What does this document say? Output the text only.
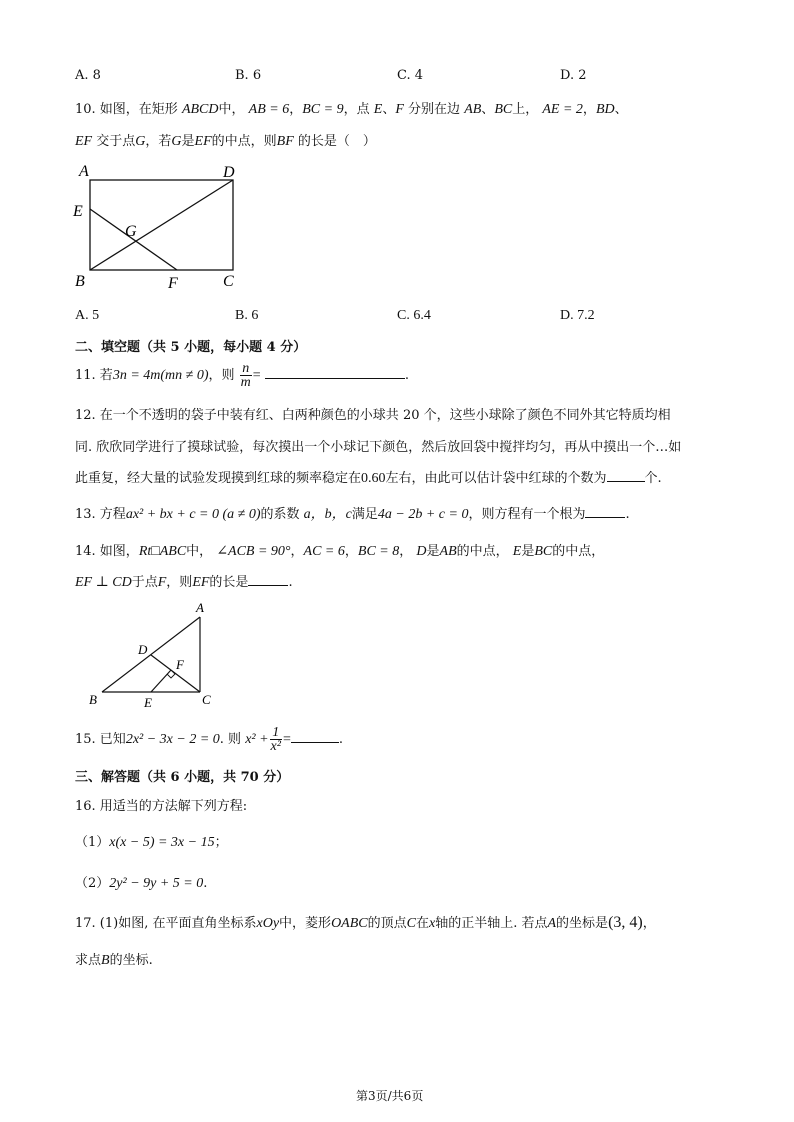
A. 8	B. 6	C. 4	D. 2
10. 如图，在矩形 ABCD中， AB = 6，BC = 9，点 E、F 分别在边 AB、BC上， AE = 2，BD、
EF 交于点G，若G是EF的中点，则BF 的长是（　）
A	D
E
G
B	F	C
A. 5	B. 6	C. 6.4	D. 7.2
二、填空题（共 5 小题，每小题 4 分）
11. 若3n = 4m(mn ≠ 0)，则 $\frac{n}{m}$ =	.
12. 在一个不透明的袋子中装有红、白两种颜色的小球共 20 个，这些小球除了颜色不同外其它特质均相
同. 欣欣同学进行了摸球试验，每次摸出一个小球记下颜色，然后放回袋中搅拌均匀，再从中摸出一个…如
此重复，经大量的试验发现摸到红球的频率稳定在0.60左右，由此可以估计袋中红球的个数为	个.
13. 方程ax² + bx + c = 0 (a ≠ 0)的系数 a，b，c满足4a − 2b + c = 0，则方程有一个根为	.
14. 如图，Rt□ABC中， ∠ACB = 90°，AC = 6，BC = 8， D是AB的中点， E是BC的中点，
EF ⊥ CD于点F，则EF的长是	.
A
D
F
B	E	C
15. 已知2x² − 3x − 2 = 0. 则 $x^2 + \frac{1}{\text{x²}}$ =	.
三、解答题（共 6 小题，共 70 分）
16. 用适当的方法解下列方程:
（1）x(x − 5) = 3x − 15；
（2）2y² − 9y + 5 = 0.
17. (1)如图, 在平面直角坐标系xOy中，菱形OABC的顶点C在x轴的正半轴上. 若点A的坐标是(3, 4)，
求点B的坐标.
第3页/共6页
